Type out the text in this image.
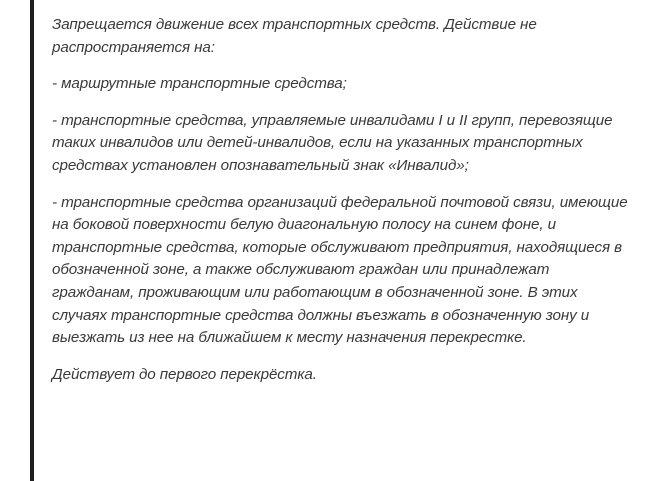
Запрещается движение всех транспортных средств. Действие не распространяется на:

- маршрутные транспортные средства;

- транспортные средства, управляемые инвалидами I и II групп, перевозящие таких инвалидов или детей-инвалидов, если на указанных транспортных средствах установлен опознавательный знак «Инвалид»;

- транспортные средства организаций федеральной почтовой связи, имеющие на боковой поверхности белую диагональную полосу на синем фоне, и транспортные средства, которые обслуживают предприятия, находящиеся в обозначенной зоне, а также обслуживают граждан или принадлежат гражданам, проживающим или работающим в обозначенной зоне. В этих случаях транспортные средства должны въезжать в обозначенную зону и выезжать из нее на ближайшем к месту назначения перекрестке.

Действует до первого перекрёстка.
